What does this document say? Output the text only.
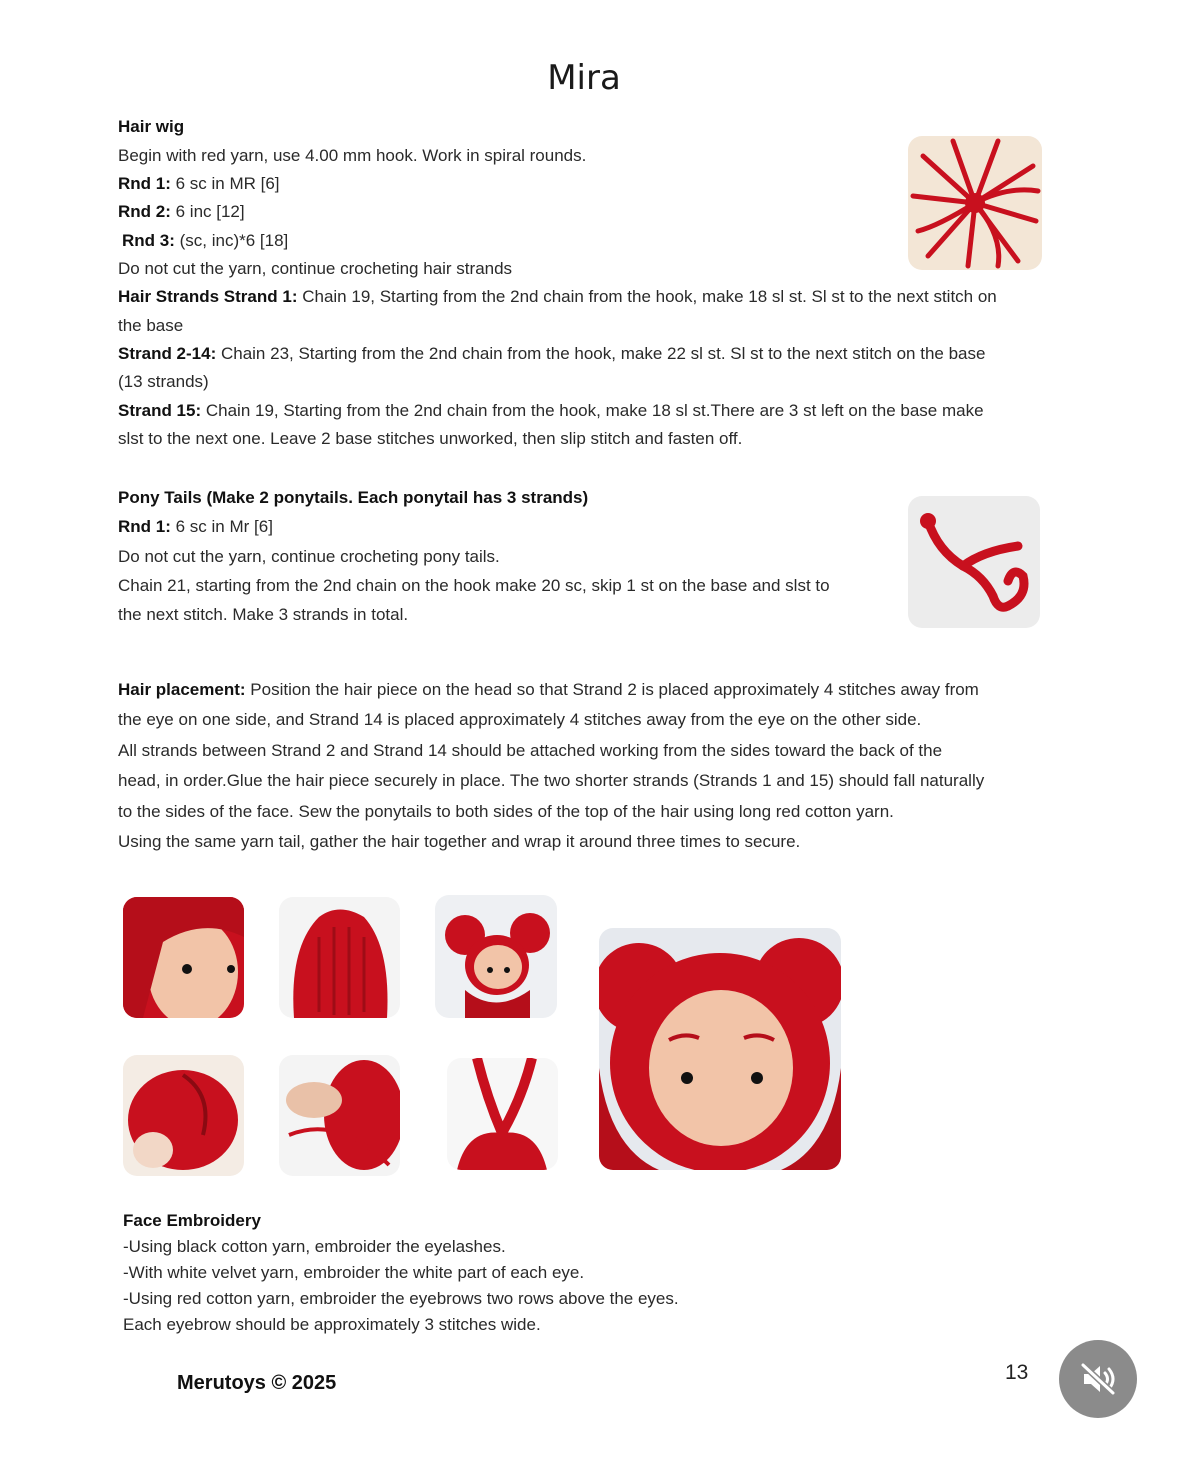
Mira
Hair wig
Begin with red yarn, use 4.00 mm hook. Work in spiral rounds.
Rnd 1: 6 sc in MR [6]
Rnd 2: 6 inc [12]
Rnd 3: (sc, inc)*6 [18]
Do not cut the yarn, continue crocheting hair strands
Hair Strands Strand 1: Chain 19, Starting from the 2nd chain from the hook, make 18 sl st. Sl st to the next stitch on
the base
Strand 2-14: Chain 23, Starting from the 2nd chain from the hook, make 22 sl st. Sl st to the next stitch on the base
(13 strands)
Strand 15: Chain 19, Starting from the 2nd chain from the hook, make 18 sl st.There are 3 st left on the base make
slst to the next one. Leave 2 base stitches unworked, then slip stitch and fasten off.
Pony Tails (Make 2 ponytails. Each ponytail has 3 strands)
Rnd 1: 6 sc in Mr [6]
Do not cut the yarn, continue crocheting pony tails.
Chain 21, starting from the 2nd chain on the hook make 20 sc, skip 1 st on the base and slst to
the next stitch. Make 3 strands in total.
Hair placement: Position the hair piece on the head so that Strand 2 is placed approximately 4 stitches away from
the eye on one side, and Strand 14 is placed approximately 4 stitches away from the eye on the other side.
All strands between Strand 2 and Strand 14 should be attached working from the sides toward the back of the
head, in order.Glue the hair piece securely in place. The two shorter strands (Strands 1 and 15) should fall naturally
to the sides of the face. Sew the ponytails to both sides of the top of the hair using long red cotton yarn.
Using the same yarn tail, gather the hair together and wrap it around three times to secure.
Face Embroidery
-Using black cotton yarn, embroider the eyelashes.
-With white velvet yarn, embroider the white part of each eye.
-Using red cotton yarn, embroider the eyebrows two rows above the eyes.
Each eyebrow should be approximately 3 stitches wide.
Merutoys © 2025	13
